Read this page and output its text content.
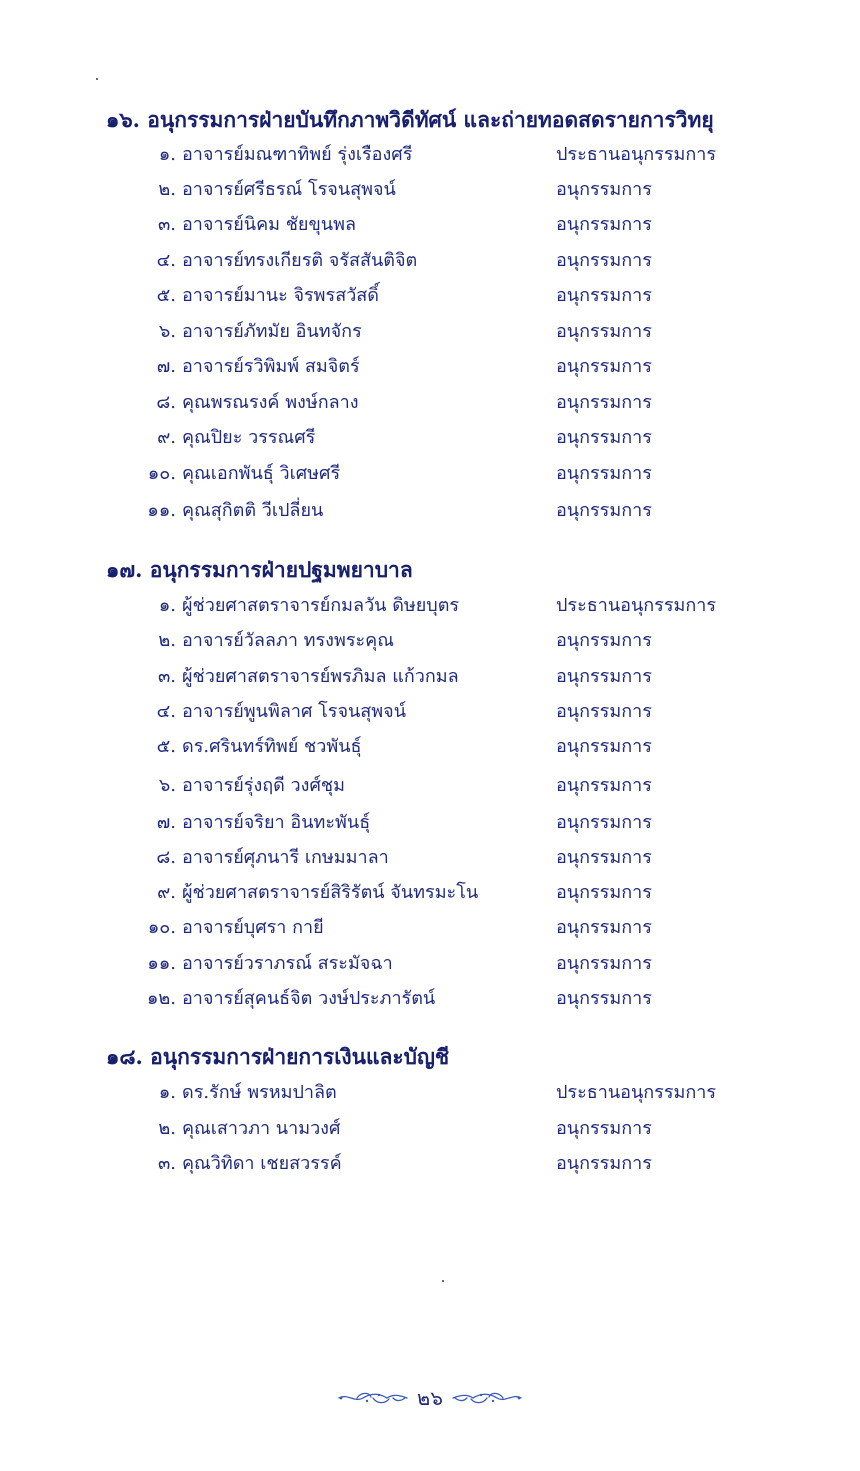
๑๖. อนุกรรมการฝ่ายบันทึกภาพวิดีทัศน์ และถ่ายทอดสดรายการวิทยุ
๑. อาจารย์มณฑาทิพย์ รุ่งเรืองศรี	ประธานอนุกรรมการ
๒. อาจารย์ศรีธรณ์ โรจนสุพจน์	อนุกรรมการ
๓. อาจารย์นิคม ชัยขุนพล	อนุกรรมการ
๔. อาจารย์ทรงเกียรติ จรัสสันติจิต	อนุกรรมการ
๕. อาจารย์มานะ จิรพรสวัสดิ์	อนุกรรมการ
๖. อาจารย์ภัทมัย อินทจักร	อนุกรรมการ
๗. อาจารย์รวิพิมพ์ สมจิตร์	อนุกรรมการ
๘. คุณพรณรงค์ พงษ์กลาง	อนุกรรมการ
๙. คุณปิยะ วรรณศรี	อนุกรรมการ
๑๐. คุณเอกพันธุ์ วิเศษศรี	อนุกรรมการ
๑๑. คุณสุกิตติ วีเปลี่ยน	อนุกรรมการ
๑๗. อนุกรรมการฝ่ายปฐมพยาบาล
๑. ผู้ช่วยศาสตราจารย์กมลวัน ดิษยบุตร	ประธานอนุกรรมการ
๒. อาจารย์วัลลภา ทรงพระคุณ	อนุกรรมการ
๓. ผู้ช่วยศาสตราจารย์พรภิมล แก้วกมล	อนุกรรมการ
๔. อาจารย์พูนพิลาศ โรจนสุพจน์	อนุกรรมการ
๕. ดร.ศรินทร์ทิพย์ ชวพันธุ์	อนุกรรมการ
๖. อาจารย์รุ่งฤดี วงศ์ชุม	อนุกรรมการ
๗. อาจารย์จริยา อินทะพันธุ์	อนุกรรมการ
๘. อาจารย์ศุภนารี เกษมมาลา	อนุกรรมการ
๙. ผู้ช่วยศาสตราจารย์สิริรัตน์ จันทรมะโน	อนุกรรมการ
๑๐. อาจารย์บุศรา กายี	อนุกรรมการ
๑๑. อาจารย์วราภรณ์ สระมัจฉา	อนุกรรมการ
๑๒. อาจารย์สุคนธ์จิต วงษ์ประภารัตน์	อนุกรรมการ
๑๘. อนุกรรมการฝ่ายการเงินและบัญชี
๑. ดร.รักษ์ พรหมปาลิต	ประธานอนุกรรมการ
๒. คุณเสาวภา นามวงศ์	อนุกรรมการ
๓. คุณวิทิดา เชยสวรรค์	อนุกรรมการ
๒๖
